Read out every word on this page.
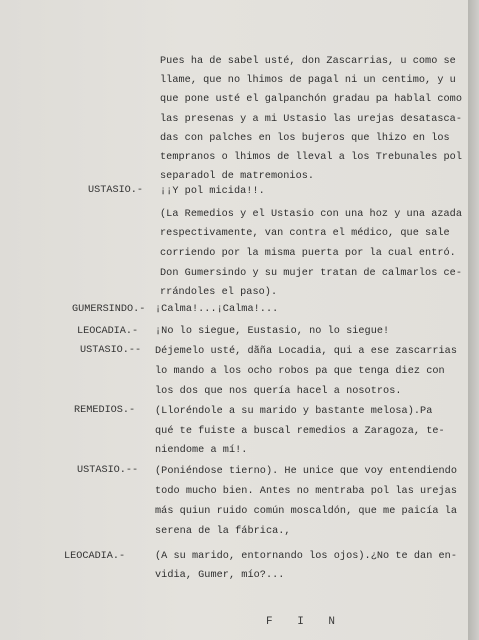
Pues ha de sabel usté, don Zascarrias, u como se
llame, que no lhimos de pagal ni un centimo, y u
que pone usté el galpanchón gradau pa hablal como
las presenas y a mi Ustasio las urejas desatasca-
das con palches en los bujeros que lhizo en los
tempranos o lhimos de lleval a los Trebunales pol
separadol de matremonios.
USTASIO.- ¡¡Y pol micida!!.
(La Remedios y el Ustasio con una hoz y una azada
respectivamente, van contra el médico, que sale
corriendo por la misma puerta por la cual entró.
Don Gumersindo y su mujer tratan de calmarlos ce-
rrándoles el paso).
GUMERSINDO.- ¡Calma!...¡Calma!...
LEOCADIA.- ¡No lo siegue, Eustasio, no lo siegue!
USTASIO.-- Déjemelo usté, dãña Locadia, qui a ese zascarrias
lo mando a los ocho robos pa que tenga diez con
los dos que nos quería hacel a nosotros.
REMEDIOS.- (Lloréndole a su marido y bastante melosa).Pa
qué te fuiste a buscal remedios a Zaragoza, te-
niendome a mí!.
USTASIO.-- (Poniéndose tierno). He unice que voy entendiendo
todo mucho bien. Antes no mentraba pol las urejas
más quiun ruido común moscaldón, que me paicía la
serena de la fábrica.,
LEOCADIA.-	(A su marido, entornando los ojos).¿No te dan en-
vidia, Gumer, mío?...
F I N
